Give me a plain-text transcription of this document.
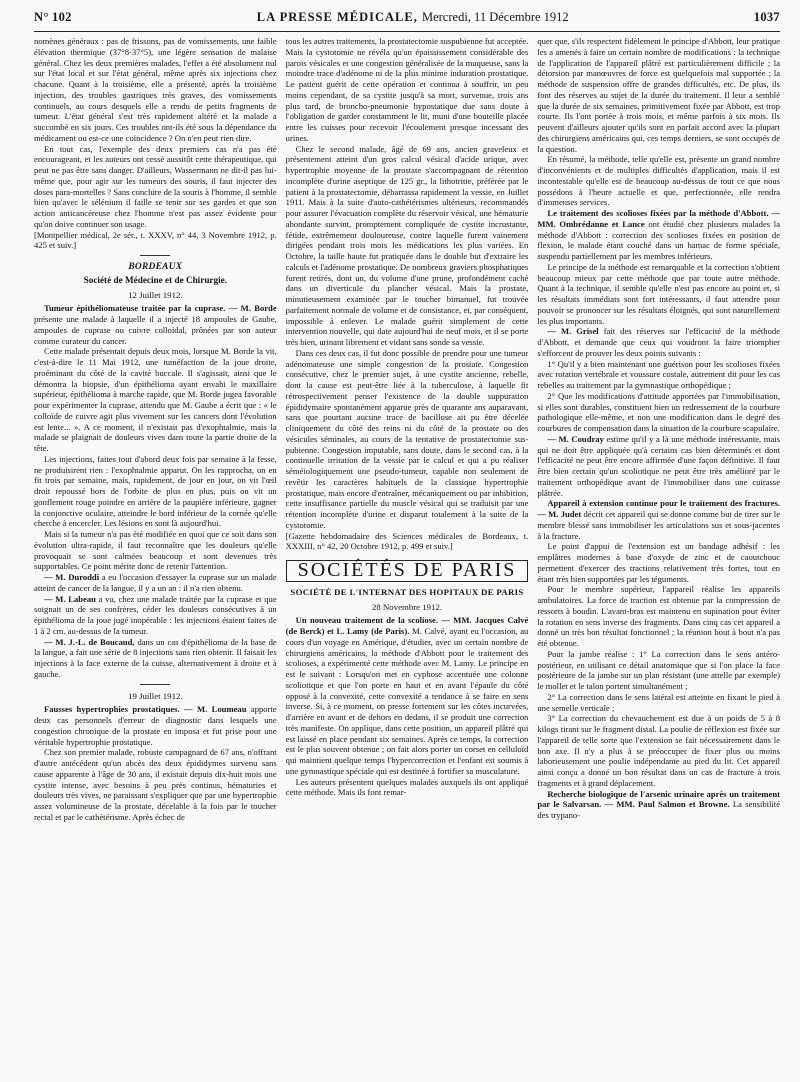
N° 102	LA PRESSE MÉDICALE, Mercredi, 11 Décembre 1912	1037

nomènes généraux : pas de frissons, pas de vomissements, une faible élévation thermique (37°8-37°5), une légère sensation de malaise général. Chez les deux premières malades, l'effet a été absolument nul sur l'état local et sur l'état général, même après six injections chez chacune. Quant à la troisième, elle a présenté, après la troisième injection, des troubles gastriques très graves, des vomissements continuels, au cours desquels elle a rendu de petits fragments de tumeur. L'état général s'est très rapidement altéré et la malade a succombé en six jours. Ces troubles ont-ils été sous la dépendance du médicament ou est-ce une coïncidence ? On n'en peut rien dire.

En tout cas, l'exemple des deux premiers cas n'a pas été encourageant, et les auteurs ont cessé aussitôt cette thérapeutique, qui peut ne pas être sans danger. D'ailleurs, Wassermann ne dit-il pas lui-même que, pour agir sur les tumeurs des souris, il faut injecter des doses para-mortelles ? Sans conclure de la souris à l'homme, il semble bien qu'avec le sélénium il faille se tenir sur ses gardes et que son action anticancéreuse chez l'homme n'est pas assez évidente pour qu'on doive continuer son usage.

[Montpellier médical, 2e sér., t. XXXV, n° 44, 3 Novembre 1912, p. 425 et suiv.]

BORDEAUX
Société de Médecine et de Chirurgie.
12 Juillet 1912.

Tumeur épithéliomateuse traitée par la cuprase. — M. Borde présente une malade à laquelle il a injecté 18 ampoules de Gaube, ampoules de cuprase ou cuivre colloïdal, prônées par son auteur comme curateur du cancer.

Cette malade présentait depuis deux mois, lorsque M. Borde la vit, c'est-à-dire le 11 Mai 1912, une tuméfaction de la joue droite, proéminant du côté de la cavité buccale. Il s'agissait, ainsi que le démontra la biopsie, d'un épithélioma ayant envahi le maxillaire supérieur, épithélioma à marche rapide, que M. Borde jugea favorable pour expérimenter la cuprase, attendu que M. Gaube a écrit que : « le colloïde de cuivre agit plus vivement sur les cancers dont l'évolution est lente... ». A ce moment, il n'existait pas d'exophtalmie, mais la malade se plaignait de douleurs vives dans toute la partie droite de la tête.

Les injections, faites tout d'abord deux fois par semaine à la fesse, ne produisirent rien : l'exophtalmie apparut. On les rapprocha, on en fit trois par semaine, mais, rapidement, de jour en jour, on vit l'œil droit repoussé hors de l'orbite de plus en plus, puis on vit un gonflement rouge poindre en arrière de la paupière inférieure, gagner la conjonctive oculaire, atteindre le bord inférieur de la cornée qu'elle cherche à encercler. Les lésions en sont là aujourd'hui.

Mais si la tumeur n'a pas été modifiée en quoi que ce soit dans son évolution ultra-rapide, il faut reconnaître que les douleurs qu'elle provoquait se sont calmées beaucoup et sont devenues très supportables. Ce point mérite donc de retenir l'attention.

— M. Duroddi a eu l'occasion d'essayer la cuprase sur un malade atteint de cancer de la langue, il y a un an : il n'a rien obtenu.

— M. Labeau a vu, chez une malade traitée par la cuprase et que soignait un de ses confrères, céder les douleurs consécutives à un épithélioma de la joue jugé inopérable : les injections étaient faites de 1 à 2 cm. au-dessus de la tumeur.

— M. J.-L. de Boucaud, dans un cas d'épithélioma de la base de la langue, a fait une série de 8 injections sans rien obtenir. Il faisait les injections à la face externe de la cuisse, alternativement à droite et à gauche.

19 Juillet 1912.

Fausses hypertrophies prostatiques. — M. Loumeau apporte deux cas personnels d'erreur de diagnostic dans lesquels une congestion chronique de la prostate en imposa et fut prise pour une véritable hypertrophie prostatique.

Chez son premier malade, robuste campagnard de 67 ans, n'offrant d'autre antécédent qu'un abcès des deux épididymes survenu sans cause apparente à l'âge de 30 ans, il existait depuis dix-huit mois une cystite intense, avec besoins à peu près continus, hématuries et douleurs très vives, ne paraissant s'expliquer que par une hypertrophie assez volumineuse de la prostate, décelable à la fois par le toucher rectal et par le cathétérisme. Après échec de

tous les autres traitements, la prostatectomie suspubienne fut acceptée. Mais la cystotomie ne révéla qu'un épaississement considérable des parois vésicales et une congestion généralisée de la muqueuse, sans la moindre trace d'adénome ni de la plus minime induration prostatique. Le patient guérit de cette opération et continua à souffrir, un peu moins cependant, de sa cystite jusqu'à sa mort, survenue, trois ans plus tard, de broncho-pneumonie hypostatique due sans doute à l'obligation de garder constamment le lit, muni d'une bouteille placée entre les cuisses pour recevoir l'écoulement presque incessant des urines.

Chez le second malade, âgé de 69 ans, ancien graveleux et présentement atteint d'un gros calcul vésical d'acide urique, avec hypertrophie moyenne de la prostate s'accompagnant de rétention incomplète d'urine aseptique de 125 gr., la lithotritie, préférée par le patient à la prostatectomie, débarrassa rapidement la vessie, en Juillet 1911. Mais à la suite d'auto-cathétérismes ultérieurs, recommandés pour assurer l'évacuation complète du réservoir vésical, une hématurie abondante survint, promptement compliquée de cystite incrustante, fétide, extrêmement douloureuse, contre laquelle furent vainement dirigées pendant trois mois les médications les plus variées. En Octobre, la taille haute fut pratiquée dans le double but d'extraire les calculs et l'adénome prostatique. De nombreux graviers phosphatiques furent retirés, dont un, du volume d'une prune, profondément caché dans un diverticule du plancher vésical. Mais la prostate, minutieusement examinée par le toucher bimanuel, fut trouvée parfaitement normale de volume et de consistance, et, par conséquent, impossible à enlever. Le malade guérit simplement de cette intervention nouvelle, qui date aujourd'hui de neuf mois, et il se porte très bien, urinant librement et vidant sans sonde sa vessie.

Dans ces deux cas, il fut donc possible de prendre pour une tumeur adénomateuse une simple congestion de la prostate. Congestion consécutive, chez le premier sujet, à une cystite ancienne, rebelle, dont la cause est peut-être liée à la tuberculose, à laquelle fit rétrospectivement penser l'existence de la double suppuration épididymaire spontanément apparue près de quarante ans auparavant, sans que pourtant aucune trace de bacillose ait pu être décelée cliniquement du côté des reins ni du côté de la prostate ou des vésicules séminales, au cours de la tentative de prostatectomie sus-pubienne. Congestion imputable, sans doute, dans le second cas, à la continuelle irritation de la vessie par le calcul et qui a pu réaliser séméiologiquement une pseudo-tumeur, capable non seulement de revêtir les caractères habituels de la classique hypertrophie prostatique, mais encore d'entraîner, mécaniquement ou par inhibition, cette insuffisance partielle du muscle vésical qui se traduisit par une rétention incomplète d'urine et disparut totalement à la suite de la cystotomie.

[Gazette hebdomadaire des Sciences médicales de Bordeaux, t. XXXIII, n° 42, 20 Octobre 1912, p. 499 et suiv.]

SOCIÉTÉS DE PARIS
SOCIÉTÉ DE L'INTERNAT DES HOPITAUX DE PARIS
28 Novembre 1912.

Un nouveau traitement de la scoliose. — MM. Jacques Calvé (de Berck) et L. Lamy (de Paris). M. Calvé, ayant eu l'occasion, au cours d'un voyage en Amérique, d'étudier, avec un certain nombre de chirurgiens américains, la méthode d'Abbott pour le traitement des scolioses, a expérimenté cette méthode avec M. Lamy. Le principe en est le suivant : Lorsqu'on met en cyphose accentuée une colonne scoliotique et que l'on porte en haut et en avant l'épaule du côté opposé à la convexité, cette convexité a tendance à se faire en sens inverse. Si, à ce moment, on presse fortement sur les côtes incurvées, d'arrière en avant et de dehors en dedans, il se produit une correction très manifeste. On applique, dans cette position, un appareil plâtré qui est laissé en place pendant six semaines. Après ce temps, la correction est le plus souvent obtenue ; on fait alors porter un corset en celluloïd qui maintient quelque temps l'hypercorrection et l'enfant est soumis à une gymnastique spéciale qui est destinée à fortifier sa musculature.

Les auteurs présentent quelques malades auxquels ils ont appliqué cette méthode. Mais ils font remar-

quer que, s'ils respectent fidèlement le principe d'Abbott, leur pratique les a amenés à faire un certain nombre de modifications : la technique de l'application de l'appareil plâtré est particulièrement difficile ; la détorsion par manœuvres de force est quelquefois mal supportée ; la méthode de suspension offre de grandes difficultés, etc. De plus, ils font des réserves au sujet de la durée du traitement. Il leur a semblé que la durée de six semaines, primitivement fixée par Abbott, est trop courte. Ils l'ont portée à trois mois, et même parfois à six mois. Ils peuvent d'ailleurs ajouter qu'ils sont en parfait accord avec la plupart des chirurgiens américains qui, ces temps derniers, se sont occupés de la question.

En résumé, la méthode, telle qu'elle est, présente un grand nombre d'inconvénients et de multiples difficultés d'application, mais il est incontestable qu'elle est de beaucoup au-dessus de tout ce que nous possédons à l'heure actuelle et que, perfectionnée, elle rendra d'immenses services.

Le traitement des scolioses fixées par la méthode d'Abbott. — MM. Ombrédanne et Lance ont étudié chez plusieurs malades la méthode d'Abbott : correction des scolioses fixées en position de flexion, le malade étant couché dans un hamac de forme spéciale, suspendu partiellement par les membres inférieurs.

Le principe de la méthode est remarquable et la correction s'obtient beaucoup mieux par cette méthode que par toute autre méthode. Quant à la technique, il semble qu'elle n'est pas encore au point et, si les résultats immédiats sont fort intéressants, il faut attendre pour pouvoir se prononcer sur les résultats éloignés, qui sont naturellement les plus importants.

— M. Grisel fait des réserves sur l'efficacité de la méthode d'Abbott, et demande que ceux qui voudront la faire triompher s'efforcent de prouver les deux points suivants :

1° Qu'il y a bien maintenant une guérison pour les scolioses fixées avec rotation vertébrale et voussure costale, autrement dit pour les cas rebelles au traitement par la gymnastique orthopédique ;

2° Que les modifications d'attitude apportées par l'immobilisation, si elles sont durables, constituent bien un redressement de la courbure pathologique elle-même, et non une modification dans le degré des courbures de compensation dans la situation de la courbure scapulaire.

— M. Coudray estime qu'il y a là une méthode intéressante, mais qui ne doit être appliquée qu'à certains cas bien déterminés et dont l'efficacité ne peut être encore affirmée d'une façon définitive. Il faut être bien certain qu'un scoliotique ne peut être très amélioré par le traitement orthopédique avant de l'immobiliser dans une cuirasse plâtrée.

Appareil à extension continue pour le traitement des fractures. — M. Judet décrit cet appareil qui se donne comme but de tirer sur le membre blessé sans immobiliser les articulations sus et sous-jacentes à la fracture.

Le point d'appui de l'extension est un bandage adhésif : les emplâtres modernes à base d'oxyde de zinc et de caoutchouc permettent d'exercer des tractions relativement très fortes, tout en étant très bien supportées par les téguments.

Pour le membre supérieur, l'appareil réalise les appareils ambulatoires. La force de traction est obtenue par la compression de ressorts à boudin. L'avant-bras est maintenu en supination pour éviter la rotation en sens inverse des fragments. Dans cinq cas cet appareil a donné un très bon résultat fonctionnel ; la réunion bout à bout n'a pas été obtenue.

Pour la jambe réalise : 1° La correction dans le sens antéro-postérieur, en utilisant ce détail anatomique que si l'on place la face postérieure de la jambe sur un plan résistant (une attelle par exemple) le mollet et le talon portent simultanément ;

2° La correction dans le sens latéral est atteinte en fixant le pied à une semelle verticale ;

3° La correction du chevauchement est due à un poids de 5 à 8 kilogs tirant sur le fragment distal. La poulie de réflexion est fixée sur l'appareil de telle sorte que l'extension se fait nécessairement dans le bon axe. Il n'y a plus à se préoccuper de fixer plus ou moins laborieusement une poulie indépendante au pied du lit. Cet appareil ainsi conçu a donné un bon résultat dans un cas de fracture à trois fragments et à grand déplacement.

Recherche biologique de l'arsenic urinaire après un traitement par le Salvarsan. — MM. Paul Salmon et Browne. La sensibilité des trypano-
